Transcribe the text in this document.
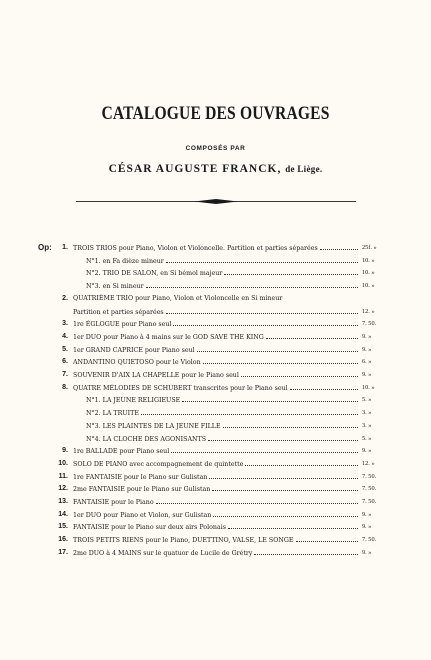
CATALOGUE DES OUVRAGES
COMPOSÉS PAR
CÉSAR AUGUSTE FRANCK, de Liège.
Op:	1. TROIS TRIOS pour Piano, Violon et Violoncelle. Partition et parties séparées	25f. »
N°1. en Fa dièze mineur	10. »
N°2. TRIO DE SALON, en Si bémol majeur	10. »
N°3. en Si mineur	10. »
2. QUATRIÈME TRIO pour Piano, Violon et Violoncelle en Si mineur
Partition et parties séparées	12. »
3. 1re ÉGLOGUE pour Piano seul	7. 50.
4. 1er DUO pour Piano à 4 mains sur le GOD SAVE THE KING	9. »
5. 1er GRAND CAPRICE pour Piano seul	9. »
6. ANDANTINO QUIETOSO pour le Violon	6. »
7. SOUVENIR D'AIX LA CHAPELLE pour le Piano seul	9. »
8. QUATRE MÉLODIES DE SCHUBERT transcrites pour le Piano seul	10. »
N°1. LA JEUNE RELIGIEUSE	5. »
N°2. LA TRUITE	3. »
N°3. LES PLAINTES DE LA JEUNE FILLE	3. »
N°4. LA CLOCHE DES AGONISANTS	5. »
9. 1re BALLADE pour Piano seul	9. »
10. SOLO DE PIANO avec accompagnement de quintette	12. »
11. 1re FANTAISIE pour le Piano sur Gulistan	7. 50.
12. 2me FANTAISIE pour le Piano sur Gulistan	7. 50.
13. FANTAISIE pour le Piano	7. 50.
14. 1er DUO pour Piano et Violon, sur Gulistan	9. »
15. FANTAISIE pour le Piano sur deux airs Polonais	9. »
16. TROIS PETITS RIENS pour le Piano, DUETTINO, VALSE, LE SONGE	7. 50.
17. 2me DUO à 4 MAINS sur le quatuor de Lucile de Grétry	9. »
